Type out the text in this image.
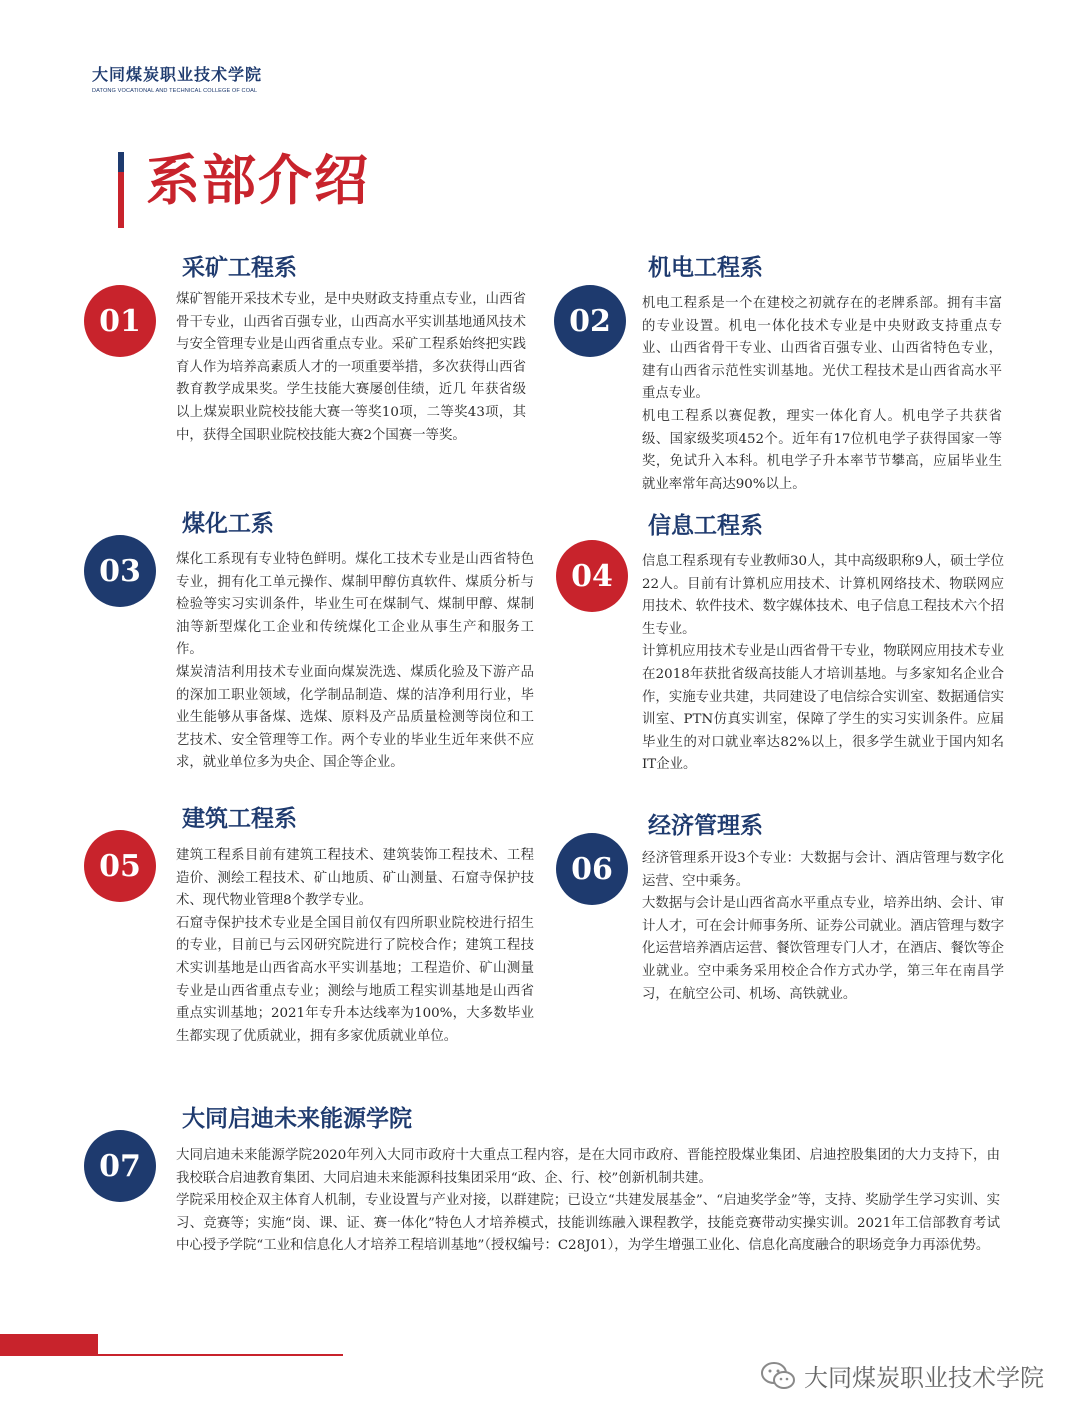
大同煤炭职业技术学院
DATONG VOCATIONAL AND TECHNICAL COLLEGE OF COAL
系部介绍
采矿工程系
01

煤矿智能开采技术专业，是中央财政支持重点专业，山西省骨干专业，山西省百强专业，山西高水平实训基地通风技术与安全管理专业是山西省重点专业。采矿工程系始终把实践育人作为培养高素质人才的一项重要举措，多次获得山西省教育教学成果奖。学生技能大赛屡创佳绩，近几 年获省级以上煤炭职业院校技能大赛一等奖10项，二等奖43项，其中，获得全国职业院校技能大赛2个国赛一等奖。

机电工程系
02	机电工程系是一个在建校之初就存在的老牌系部。拥有丰富的专业设置。机电一体化技术专业是中央财政支持重点专业、山西省骨干专业、山西省百强专业、山西省特色专业，建有山西省示范性实训基地。光伏工程技术是山西省高水平重点专业。

机电工程系以赛促教，理实一体化育人。机电学子共获省级、国家级奖项452个。近年有17位机电学子获得国家一等奖，免试升入本科。机电学子升本率节节攀高，应届毕业生就业率常年高达90%以上。

煤化工系
03	煤化工系现有专业特色鲜明。煤化工技术专业是山西省特色专业，拥有化工单元操作、煤制甲醇仿真软件、煤质分析与检验等实习实训条件，毕业生可在煤制气、煤制甲醇、煤制油等新型煤化工企业和传统煤化工企业从事生产和服务工作。

煤炭清洁利用技术专业面向煤炭洗选、煤质化验及下游产品的深加工职业领域，化学制品制造、煤的洁净利用行业，毕业生能够从事备煤、选煤、原料及产品质量检测等岗位和工艺技术、安全管理等工作。两个专业的毕业生近年来供不应求，就业单位多为央企、国企等企业。

信息工程系
04	信息工程系现有专业教师30人，其中高级职称9人，硕士学位22人。目前有计算机应用技术、计算机网络技术、物联网应用技术、软件技术、数字媒体技术、电子信息工程技术六个招生专业。

计算机应用技术专业是山西省骨干专业，物联网应用技术专业在2018年获批省级高技能人才培训基地。与多家知名企业合作，实施专业共建，共同建设了电信综合实训室、数据通信实训室、PTN仿真实训室，保障了学生的实习实训条件。应届毕业生的对口就业率达82%以上，很多学生就业于国内知名IT企业。

建筑工程系
05	建筑工程系目前有建筑工程技术、建筑装饰工程技术、工程造价、测绘工程技术、矿山地质、矿山测量、石窟寺保护技术、现代物业管理8个教学专业。

石窟寺保护技术专业是全国目前仅有四所职业院校进行招生的专业，目前已与云冈研究院进行了院校合作；建筑工程技术实训基地是山西省高水平实训基地；工程造价、矿山测量专业是山西省重点专业；测绘与地质工程实训基地是山西省重点实训基地；2021年专升本达线率为100%，大多数毕业生都实现了优质就业，拥有多家优质就业单位。

经济管理系
06	经济管理系开设3个专业：大数据与会计、酒店管理与数字化运营、空中乘务。

大数据与会计是山西省高水平重点专业，培养出纳、会计、审计人才，可在会计师事务所、证券公司就业。酒店管理与数字化运营培养酒店运营、餐饮管理专门人才，在酒店、餐饮等企业就业。空中乘务采用校企合作方式办学，第三年在南昌学习，在航空公司、机场、高铁就业。

大同启迪未来能源学院
07	大同启迪未来能源学院2020年列入大同市政府十大重点工程内容，是在大同市政府、晋能控股煤业集团、启迪控股集团的大力支持下，由我校联合启迪教育集团、大同启迪未来能源科技集团采用“政、企、行、校”创新机制共建。

学院采用校企双主体育人机制，专业设置与产业对接，以群建院；已设立“共建发展基金”、“启迪奖学金”等，支持、奖励学生学习实训、实习、竞赛等；实施“岗、课、证、赛一体化”特色人才培养模式，技能训练融入课程教学，技能竞赛带动实操实训。2021年工信部教育考试中心授予学院“工业和信息化人才培养工程培训基地”（授权编号：C28J01），为学生增强工业化、信息化高度融合的职场竞争力再添优势。

大同煤炭职业技术学院
